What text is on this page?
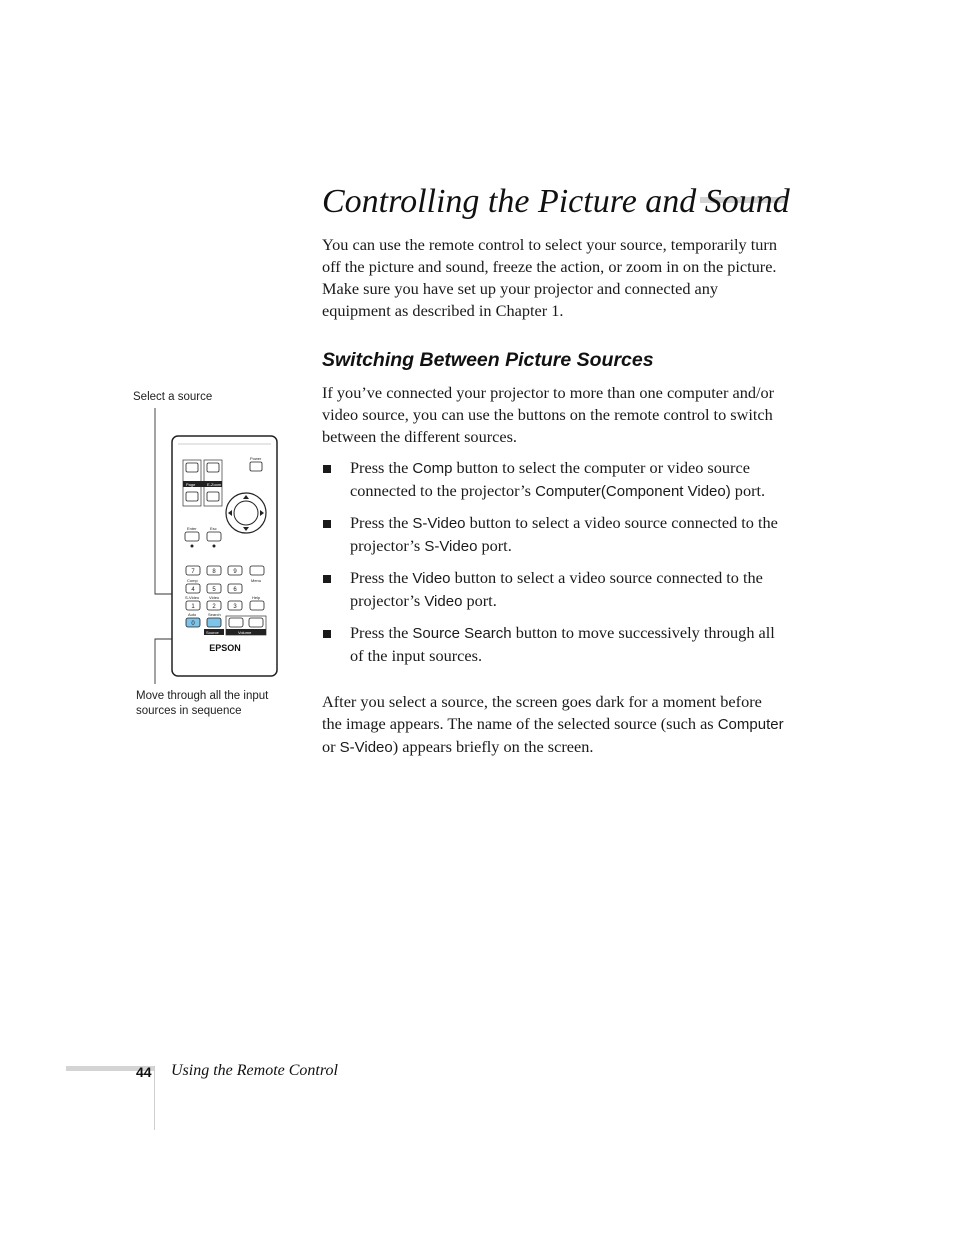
Controlling the Picture and Sound

You can use the remote control to select your source, temporarily turn off the picture and sound, freeze the action, or zoom in on the picture. Make sure you have set up your projector and connected any equipment as described in Chapter 1.

Switching Between Picture Sources

If you’ve connected your projector to more than one computer and/or video source, you can use the buttons on the remote control to switch between the different sources.

Press the Comp button to select the computer or video source connected to the projector’s Computer(Component Video) port.
Press the S-Video button to select a video source connected to the projector’s S-Video port.
Press the Video button to select a video source connected to the projector’s Video port.
Press the Source Search button to move successively through all of the input sources.

After you select a source, the screen goes dark for a moment before the image appears. The name of the selected source (such as Computer or S-Video) appears briefly on the screen.

Select a source
Move through all the input sources in sequence
Page	E-Zoom
Power
Enter	Esc
7	8	9
Comp
4	5	6
S-Video Video
1	2	3
Menu
Help
Auto	Search
0
Source	Volume
EPSON
44 Using the Remote Control
